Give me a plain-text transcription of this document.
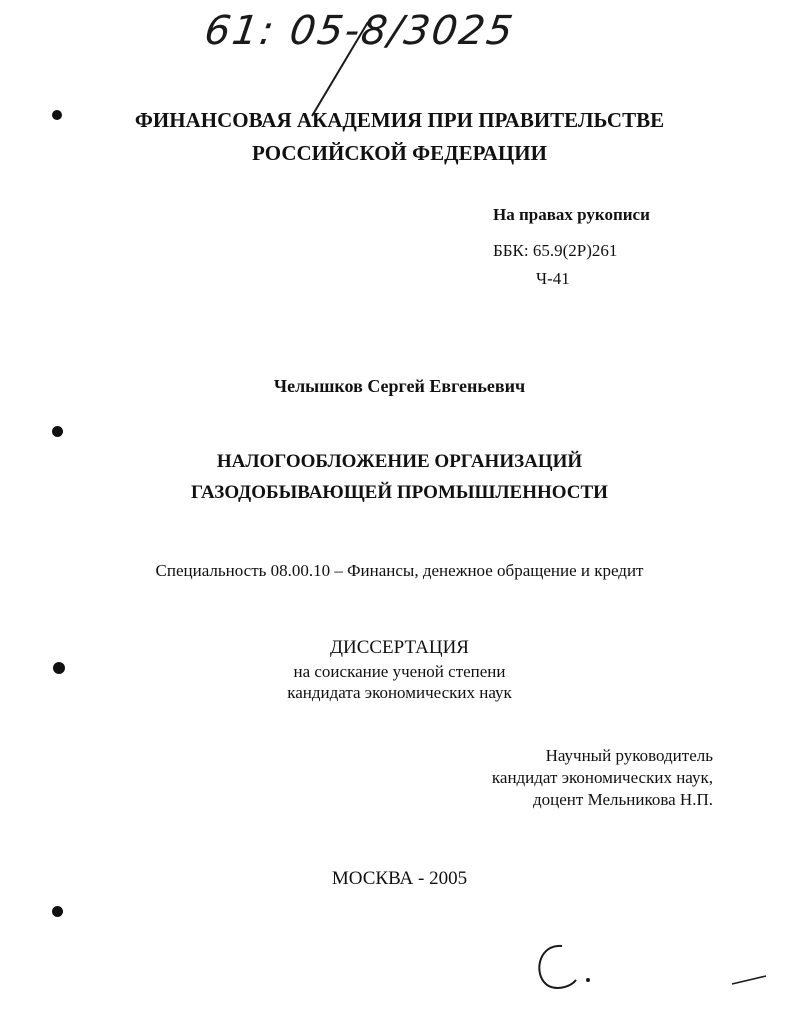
61: 05-8/3025
ФИНАНСОВАЯ АКАДЕМИЯ ПРИ ПРАВИТЕЛЬСТВЕ
РОССИЙСКОЙ ФЕДЕРАЦИИ
На правах рукописи
ББК: 65.9(2Р)261
Ч-41
Челышков Сергей Евгеньевич
НАЛОГООБЛОЖЕНИЕ ОРГАНИЗАЦИЙ
ГАЗОДОБЫВАЮЩЕЙ ПРОМЫШЛЕННОСТИ
Специальность 08.00.10 – Финансы, денежное обращение и кредит
ДИССЕРТАЦИЯ
на соискание ученой степени
кандидата экономических наук
Научный руководитель
кандидат экономических наук,
доцент Мельникова Н.П.
МОСКВА - 2005
